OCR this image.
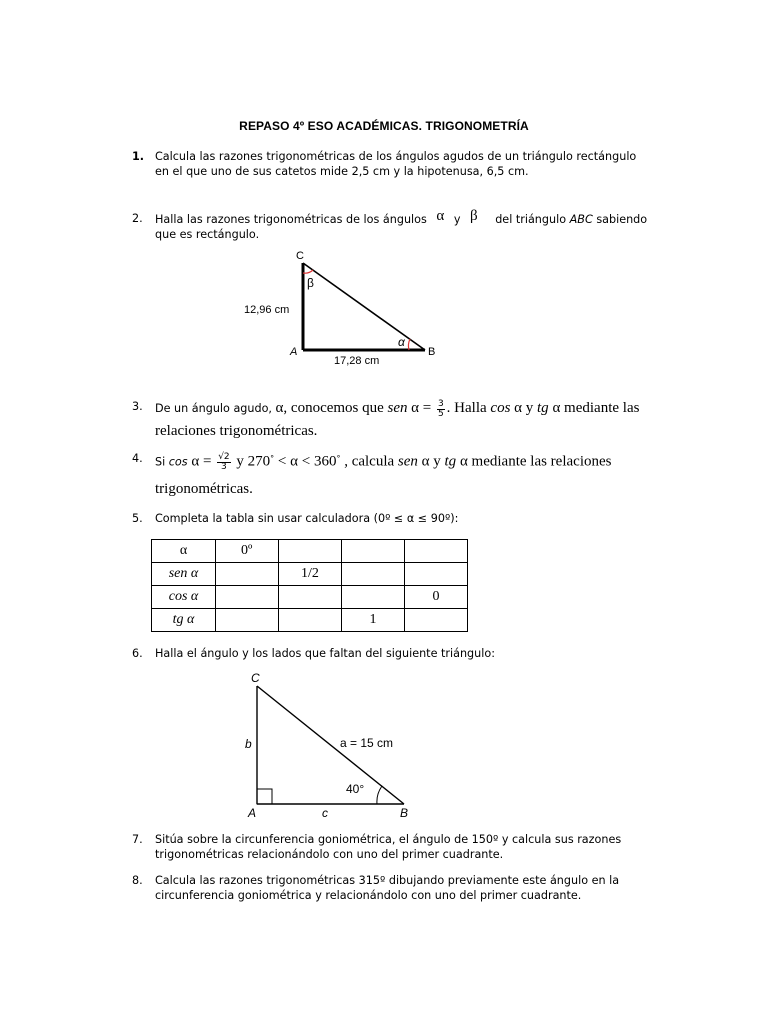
REPASO 4º ESO ACADÉMICAS. TRIGONOMETRÍA
1. Calcula las razones trigonométricas de los ángulos agudos de un triángulo rectángulo
en el que uno de sus catetos mide 2,5 cm y la hipotenusa, 6,5 cm.
2. Halla las razones trigonométricas de los ángulos α y β del triángulo ABC sabiendo
que es rectángulo.
C
A	B
β
α
12,96 cm
17,28 cm
3. De un ángulo agudo, α, conocemos que sen $\alpha = \frac{3}{5}$ . Halla cos α y tg α mediante las
relaciones trigonométricas.
4. Si $\cos \alpha = \frac{√2}{3}$ y 270° < α < 360° , calcula sen α y tg α mediante las relaciones
trigonométricas.
5. Completa la tabla sin usar calculadora (0º ≤ α ≤ 90º):
α	0º			
sen α		1/2		
cos α				0
tg α			1	
6. Halla el ángulo y los lados que faltan del siguiente triángulo:
C
A	B
b
c
a = 15 cm
40°
7. Sitúa sobre la circunferencia goniométrica, el ángulo de 150º y calcula sus razones
trigonométricas relacionándolo con uno del primer cuadrante.
8. Calcula las razones trigonométricas 315º dibujando previamente este ángulo en la
circunferencia goniométrica y relacionándolo con uno del primer cuadrante.
